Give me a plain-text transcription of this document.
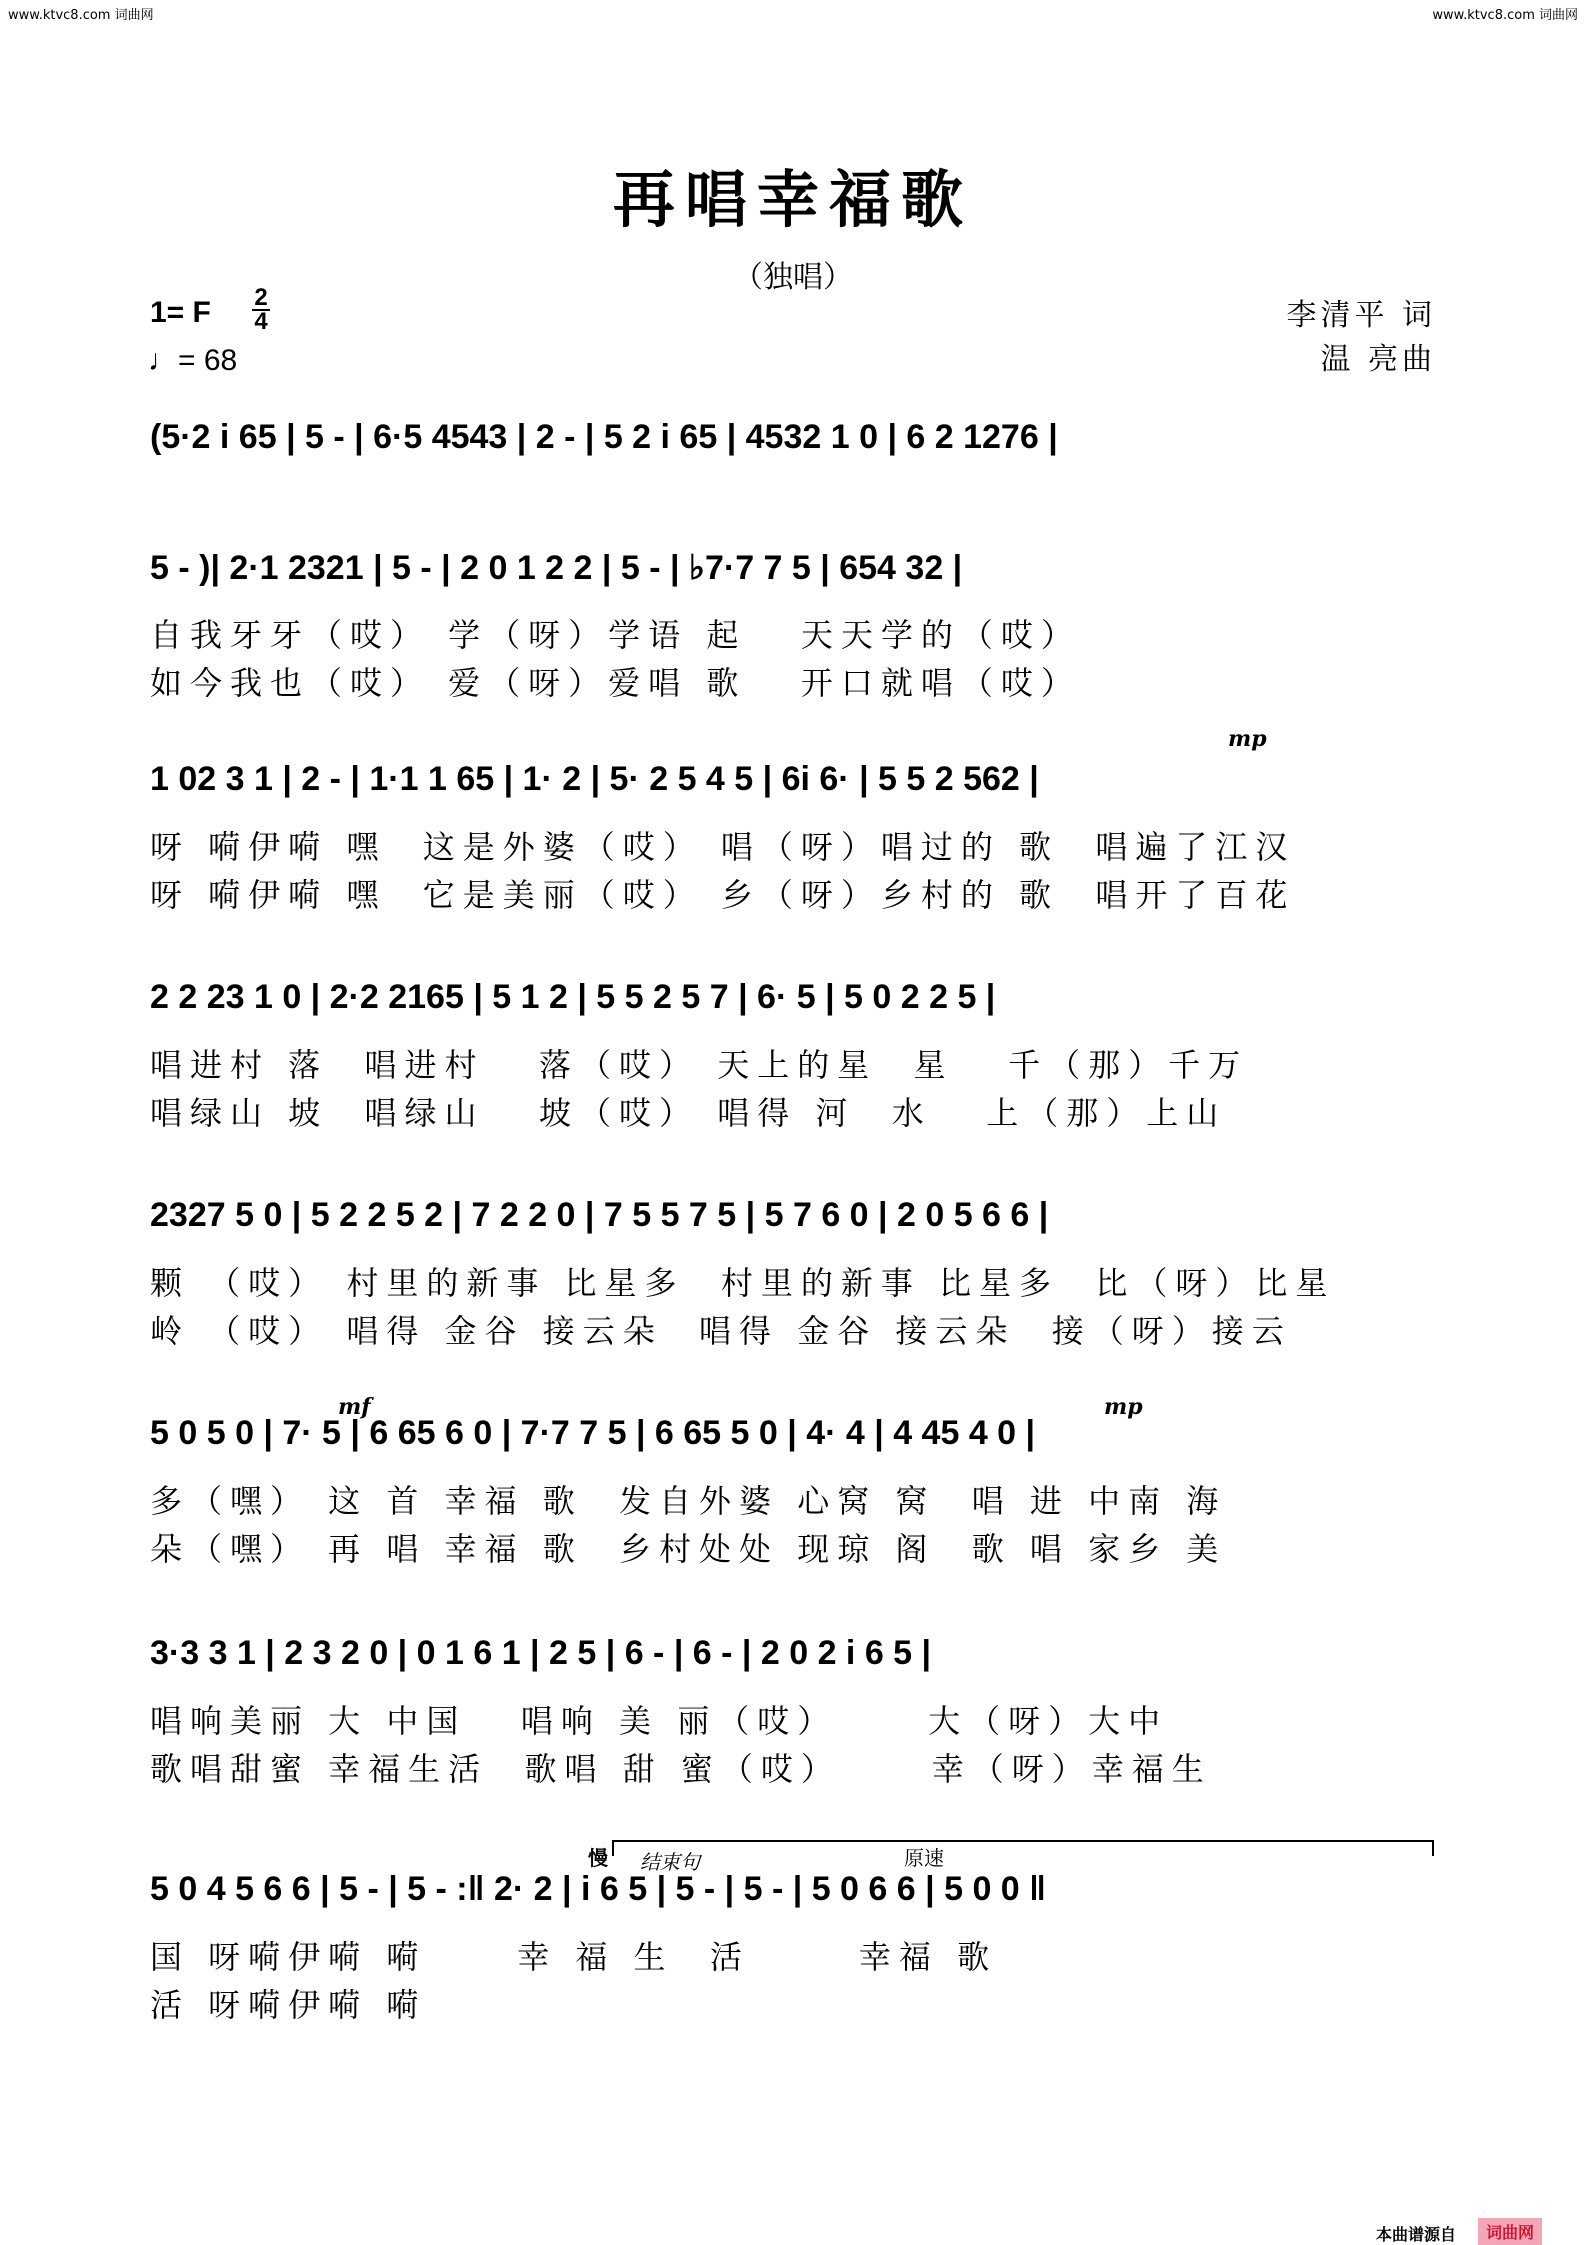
www.ktvc8.com 词曲网	www.ktvc8.com 词曲网
再唱幸福歌
（独唱）
1= F 2
4
♩= 68
李清平 词
温 亮曲
(5·2 i 65 | 5 - | 6·5 4543 | 2 - | 5 2 i 65 | 4532 1 0 | 6 2 1276 |
5 - )| 2·1 2321 | 5 - | 2 0 1 2 2 | 5 - | ♭7·7 7 5 | 654 32 |
自我牙牙（哎） 学（呀）学语 起   天天学的（哎）
如今我也（哎） 爱（呀）爱唱 歌   开口就唱（哎）
1 02 3 1 | 2 - | 1·1 1 65 | 1· 2 | 5· 2 5 4 5 | 6i 6· | 5 5 2 562 |
呀 嗬伊嗬 嘿  这是外婆（哎） 唱（呀）唱过的 歌  唱遍了江汉
呀 嗬伊嗬 嘿  它是美丽（哎） 乡（呀）乡村的 歌  唱开了百花
2 2 23 1 0 | 2·2 2165 | 5 1 2 | 5 5 2 5 7 | 6· 5 | 5 0 2 2 5 |
唱进村 落  唱进村   落（哎） 天上的星  星   千（那）千万
唱绿山 坡  唱绿山   坡（哎） 唱得 河  水   上（那）上山
2327 5 0 | 5 2 2 5 2 | 7 2 2 0 | 7 5 5 7 5 | 5 7 6 0 | 2 0 5 6 6 |
颗 （哎） 村里的新事 比星多  村里的新事 比星多  比（呀）比星
岭 （哎） 唱得 金谷 接云朵  唱得 金谷 接云朵  接（呀）接云
5 0 5 0 | 7· 5 | 6 65 6 0 | 7·7 7 5 | 6 65 5 0 | 4· 4 | 4 45 4 0 |
多（嘿） 这 首 幸福 歌  发自外婆 心窝 窝  唱 进 中南 海
朵（嘿） 再 唱 幸福 歌  乡村处处 现琼 阁  歌 唱 家乡 美
3·3 3 1 | 2 3 2 0 | 0 1 6 1 | 2 5 | 6 - | 6 - | 2 0 2 i 6 5 |
唱响美丽 大 中国   唱响 美 丽（哎）     大（呀）大中
歌唱甜蜜 幸福生活  歌唱 甜 蜜（哎）     幸（呀）幸福生
5 0 4 5 6 6 | 5 - | 5 - :‖ 2· 2 | i 6 5 | 5 - | 5 - | 5 0 6 6 | 5 0 0 ‖
国 呀嗬伊嗬 嗬     幸 福 生  活      幸福 歌
活 呀嗬伊嗬 嗬
mp
mf	mp
慢 结束句	原速
本曲谱源自	词曲网
